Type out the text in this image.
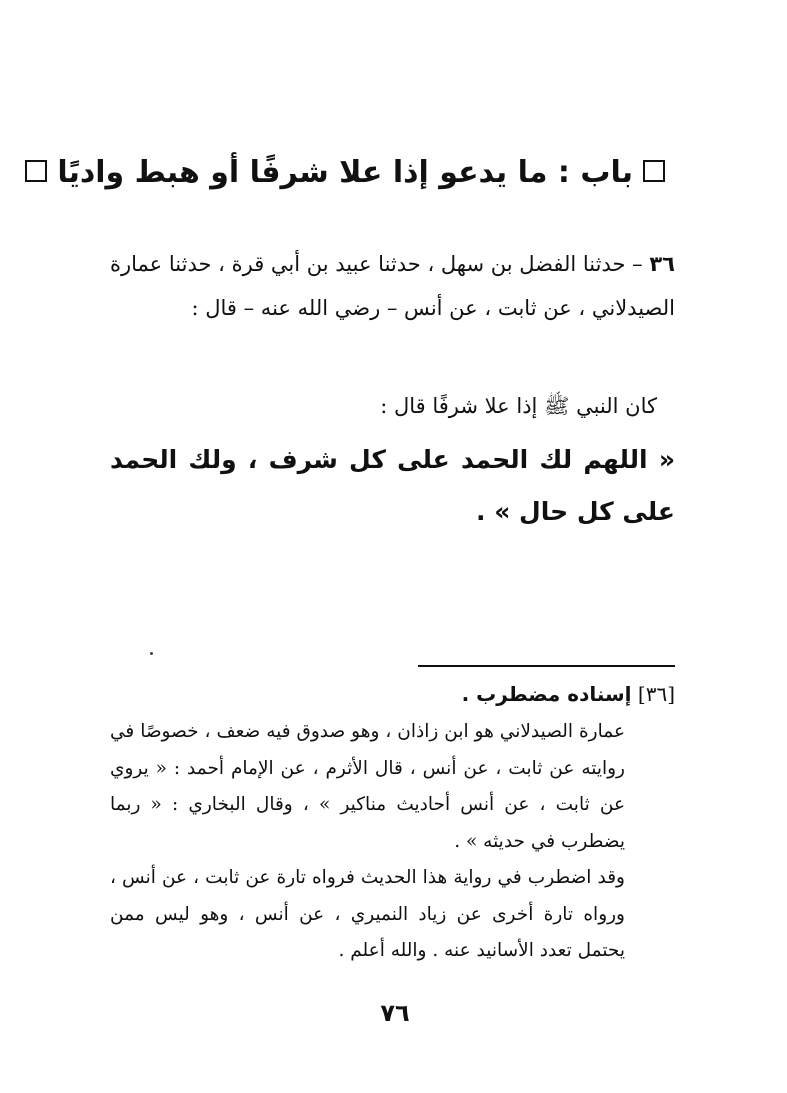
باب : ما يدعو إذا علا شرفًا أو هبط واديًا
٣٦ – حدثنا الفضل بن سهل ، حدثنا عبيد بن أبي قرة ، حدثنا عمارة الصيدلاني ، عن ثابت ، عن أنس – رضي الله عنه – قال :
كان النبي ﷺ إذا علا شرفًا قال :
« اللهم لك الحمد على كل شرف ، ولك الحمد على كل حال » .
[٣٦] إسناده مضطرب .

عمارة الصيدلاني هو ابن زاذان ، وهو صدوق فيه ضعف ، خصوصًا في روايته عن ثابت ، عن أنس ، قال الأثرم ، عن الإمام أحمد : « يروي عن ثابت ، عن أنس أحاديث مناكير » ، وقال البخاري : « ربما يضطرب في حديثه » .

وقد اضطرب في رواية هذا الحديث فرواه تارة عن ثابت ، عن أنس ، ورواه تارة أخرى عن زياد النميري ، عن أنس ، وهو ليس ممن يحتمل تعدد الأسانيد عنه . والله أعلم .

٧٦
